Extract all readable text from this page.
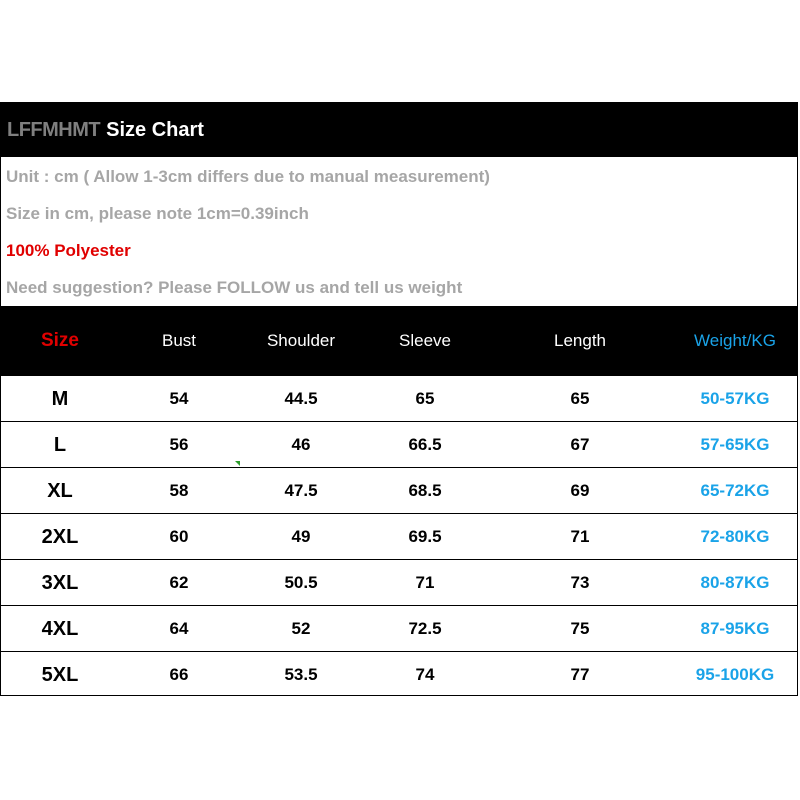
LFFMHMT Size Chart
Unit : cm ( Allow 1-3cm differs due to manual measurement)
Size in cm, please note 1cm=0.39inch
100% Polyester
Need suggestion? Please FOLLOW us and tell us weight
Size	Bust	Shoulder	Sleeve	Length	Weight/KG
M	54	44.5	65	65	50-57KG
L	56	46	66.5	67	57-65KG
XL	58	47.5	68.5	69	65-72KG
2XL	60	49	69.5	71	72-80KG
3XL	62	50.5	71	73	80-87KG
4XL	64	52	72.5	75	87-95KG
5XL	66	53.5	74	77	95-100KG
